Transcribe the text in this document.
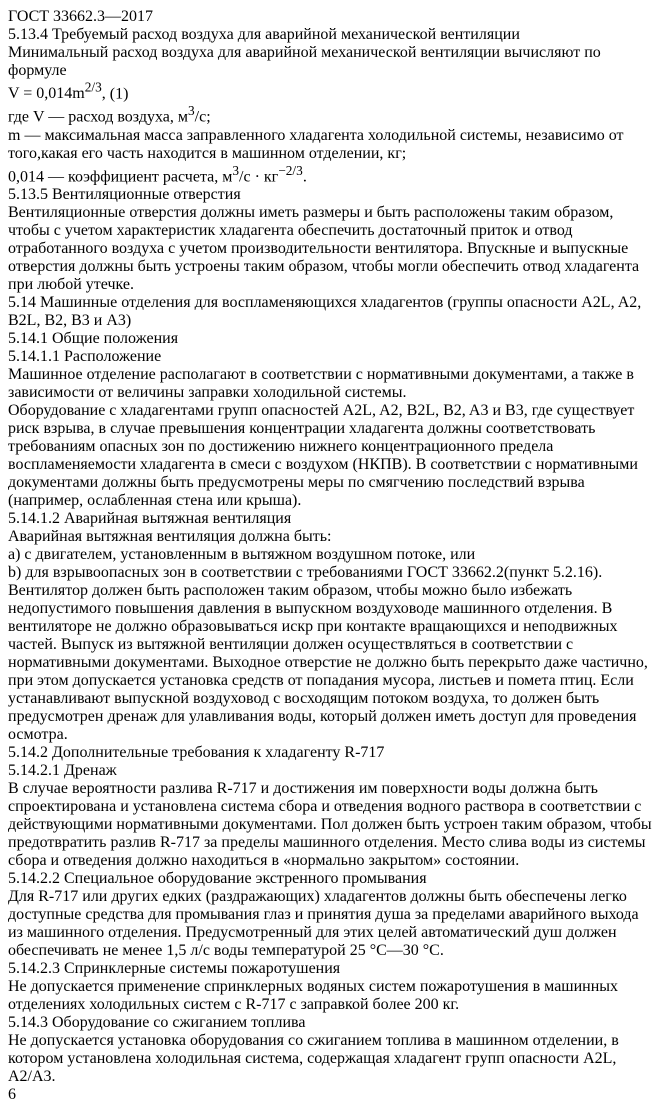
ГОСТ 33662.3—2017
5.13.4 Требуемый расход воздуха для аварийной механической вентиляции
Минимальный расход воздуха для аварийной механической вентиляции вычисляют по формуле
$V = 0,014m^{2/3}$, (1)
где V — расход воздуха, $м^3/с$;
m — максимальная масса заправленного хладагента холодильной системы, независимо от того,какая его часть находится в машинном отделении, кг;
0,014 — коэффициент расчета, $м^3/с \cdot кг^{-2/3}$.
5.13.5 Вентиляционные отверстия
Вентиляционные отверстия должны иметь размеры и быть расположены таким образом, чтобы с учетом характеристик хладагента обеспечить достаточный приток и отвод отработанного воздуха с учетом производительности вентилятора. Впускные и выпускные отверстия должны быть устроены таким образом, чтобы могли обеспечить отвод хладагента при любой утечке.
5.14 Машинные отделения для воспламеняющихся хладагентов (группы опасности A2L, A2, B2L, B2, B3 и A3)
5.14.1 Общие положения
5.14.1.1 Расположение
Машинное отделение располагают в соответствии с нормативными документами, а также в зависимости от величины заправки холодильной системы.
Оборудование с хладагентами групп опасностей A2L, A2, B2L, B2, A3 и B3, где существует риск взрыва, в случае превышения концентрации хладагента должны соответствовать требованиям опасных зон по достижению нижнего концентрационного предела воспламеняемости хладагента в смеси с воздухом (НКПВ). В соответствии с нормативными документами должны быть предусмотрены меры по смягчению последствий взрыва (например, ослабленная стена или крыша).
5.14.1.2 Аварийная вытяжная вентиляция
Аварийная вытяжная вентиляция должна быть:
а) с двигателем, установленным в вытяжном воздушном потоке, или
b) для взрывоопасных зон в соответствии с требованиями ГОСТ 33662.2(пункт 5.2.16).
Вентилятор должен быть расположен таким образом, чтобы можно было избежать недопустимого повышения давления в выпускном воздуховоде машинного отделения. В вентиляторе не должно образовываться искр при контакте вращающихся и неподвижных частей. Выпуск из вытяжной вентиляции должен осуществляться в соответствии с нормативными документами. Выходное отверстие не должно быть перекрыто даже частично, при этом допускается установка средств от попадания мусора, листьев и помета птиц. Если устанавливают выпускной воздуховод с восходящим потоком воздуха, то должен быть предусмотрен дренаж для улавливания воды, который должен иметь доступ для проведения осмотра.
5.14.2 Дополнительные требования к хладагенту R-717
5.14.2.1 Дренаж
В случае вероятности разлива R-717 и достижения им поверхности воды должна быть спроектирована и установлена система сбора и отведения водного раствора в соответствии с действующими нормативными документами. Пол должен быть устроен таким образом, чтобы предотвратить разлив R-717 за пределы машинного отделения. Место слива воды из системы сбора и отведения должно находиться в «нормально закрытом» состоянии.
5.14.2.2 Специальное оборудование экстренного промывания
Для R-717 или других едких (раздражающих) хладагентов должны быть обеспечены легко доступные средства для промывания глаз и принятия душа за пределами аварийного выхода из машинного отделения. Предусмотренный для этих целей автоматический душ должен обеспечивать не менее 1,5 л/с воды температурой 25 °С—30 °С.
5.14.2.3 Спринклерные системы пожаротушения
Не допускается применение спринклерных водяных систем пожаротушения в машинных отделениях холодильных систем с R-717 с заправкой более 200 кг.
5.14.3 Оборудование со сжиганием топлива
Не допускается установка оборудования со сжиганием топлива в машинном отделении, в котором установлена холодильная система, содержащая хладагент групп опасности A2L, A2/A3.
6
